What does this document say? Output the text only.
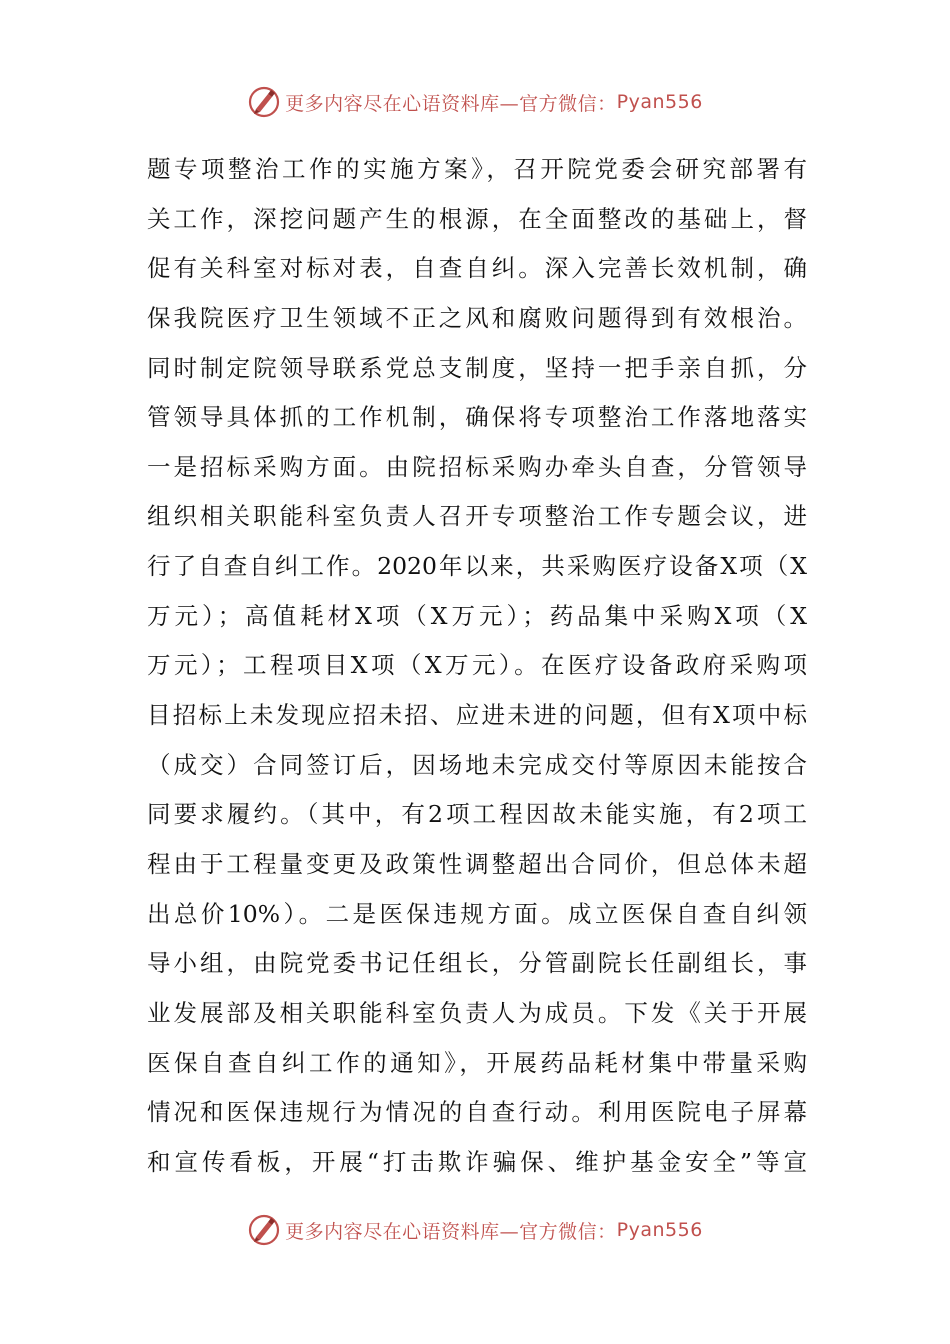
更多内容尽在心语资料库—官方微信： Pyan556
题专项整治工作的实施方案》，召开院党委会研究部署有
关工作，深挖问题产生的根源，在全面整改的基础上，督
促有关科室对标对表，自查自纠。深入完善长效机制，确
保我院医疗卫生领域不正之风和腐败问题得到有效根治。
同时制定院领导联系党总支制度，坚持一把手亲自抓，分
管领导具体抓的工作机制，确保将专项整治工作落地落实
一是招标采购方面。由院招标采购办牵头自查，分管领导
组织相关职能科室负责人召开专项整治工作专题会议，进
行了自查自纠工作。2020年以来，共采购医疗设备X项（X
万元）；高值耗材X项（X万元）；药品集中采购X项（X
万元）；工程项目X项（X万元）。在医疗设备政府采购项
目招标上未发现应招未招、应进未进的问题，但有X项中标
（成交）合同签订后，因场地未完成交付等原因未能按合
同要求履约。（其中，有2项工程因故未能实施，有2项工
程由于工程量变更及政策性调整超出合同价，但总体未超
出总价10%）。二是医保违规方面。成立医保自查自纠领
导小组，由院党委书记任组长，分管副院长任副组长，事
业发展部及相关职能科室负责人为成员。下发《关于开展
医保自查自纠工作的通知》，开展药品耗材集中带量采购
情况和医保违规行为情况的自查行动。利用医院电子屏幕
和宣传看板，开展“打击欺诈骗保、维护基金安全”等宣
更多内容尽在心语资料库—官方微信： Pyan556
